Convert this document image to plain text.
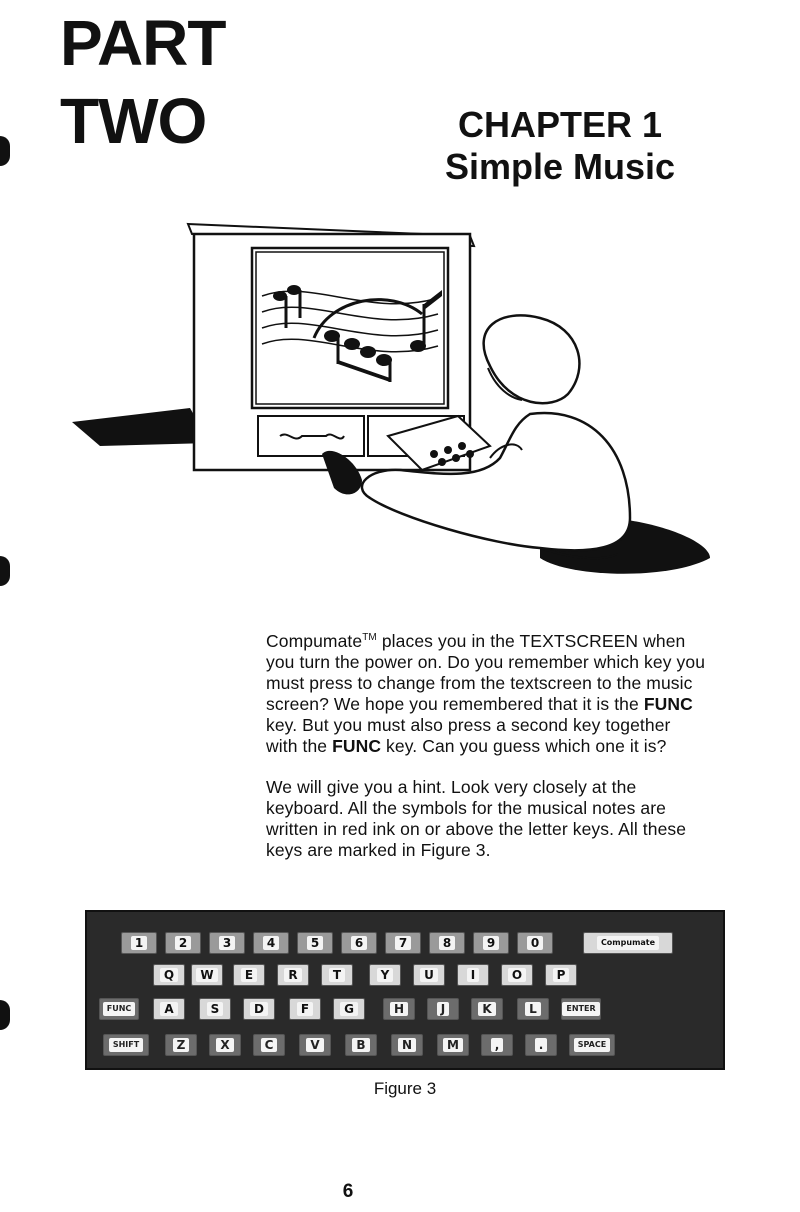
PART
TWO	CHAPTER 1
Simple Music

Compumate™ places you in the TEXTSCREEN when you turn the power on. Do you remember which key you must press to change from the textscreen to the music screen? We hope you remembered that it is the FUNC key. But you must also press a second key together with the FUNC key. Can you guess which one it is?

We will give you a hint. Look very closely at the keyboard. All the symbols for the musical notes are written in red ink on or above the letter keys. All these keys are marked in Figure 3.

1	2	3	4	5	6	7	8	9	0	Compumate
Q	W	E	R	T	Y	U	I	O	P
FUNC	A	S	D	F	G	H	J	K	L	ENTER
SHIFT	Z	X	C	V	B	N	M	,	.	SPACE
Figure 3
6
